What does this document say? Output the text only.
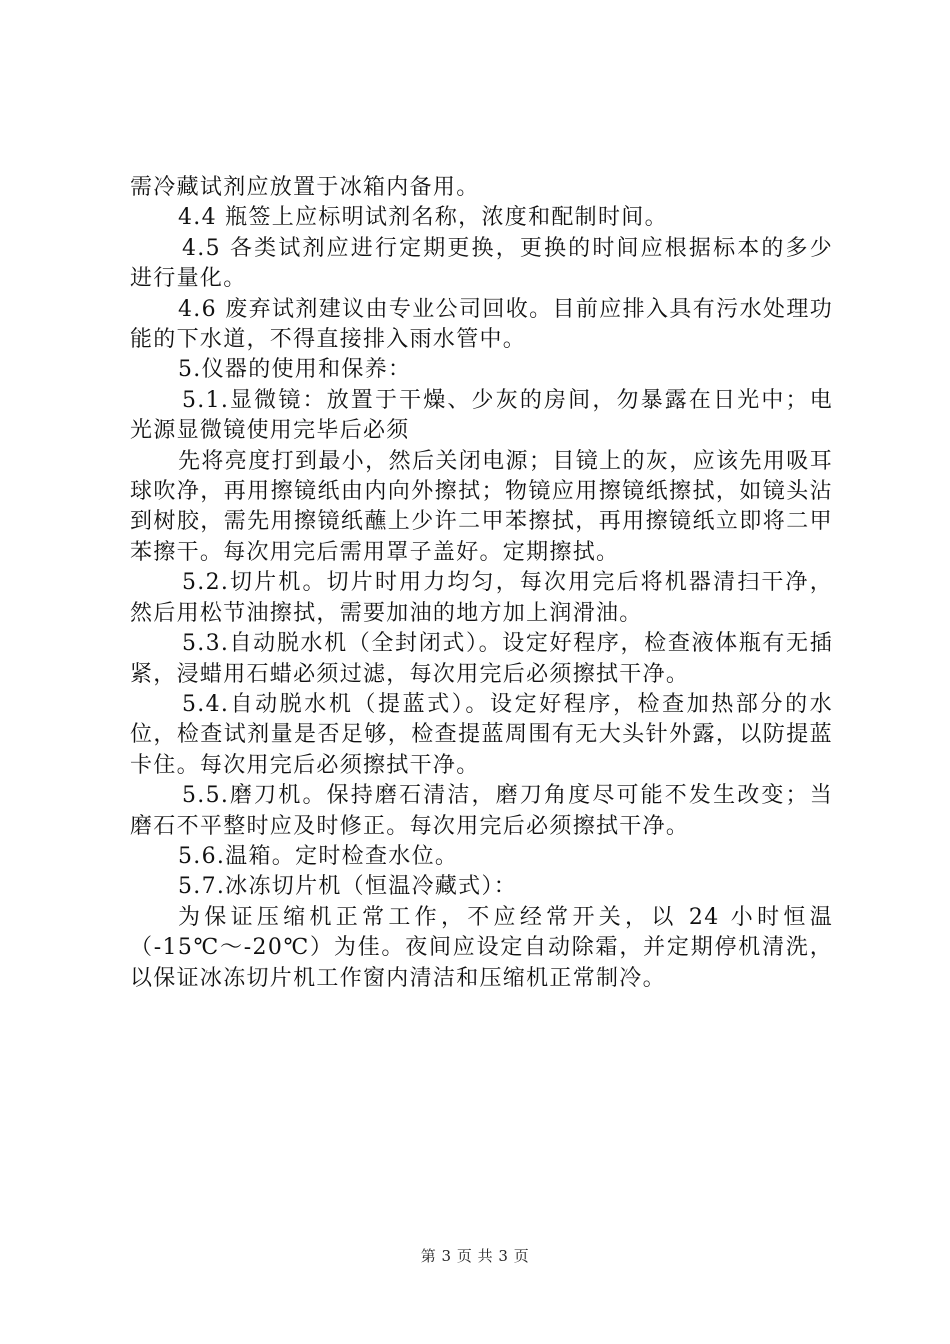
需冷藏试剂应放置于冰箱内备用。

4.4 瓶签上应标明试剂名称，浓度和配制时间。

4.5 各类试剂应进行定期更换，更换的时间应根据标本的多少进行量化。

4.6 废弃试剂建议由专业公司回收。目前应排入具有污水处理功能的下水道，不得直接排入雨水管中。

5.仪器的使用和保养：

5.1.显微镜：放置于干燥、少灰的房间，勿暴露在日光中；电光源显微镜使用完毕后必须

先将亮度打到最小，然后关闭电源；目镜上的灰，应该先用吸耳球吹净，再用擦镜纸由内向外擦拭；物镜应用擦镜纸擦拭，如镜头沾到树胶，需先用擦镜纸蘸上少许二甲苯擦拭，再用擦镜纸立即将二甲苯擦干。每次用完后需用罩子盖好。定期擦拭。

5.2.切片机。切片时用力均匀，每次用完后将机器清扫干净，然后用松节油擦拭，需要加油的地方加上润滑油。

5.3.自动脱水机（全封闭式）。设定好程序，检查液体瓶有无插紧，浸蜡用石蜡必须过滤，每次用完后必须擦拭干净。

5.4.自动脱水机（提蓝式）。设定好程序，检查加热部分的水位，检查试剂量是否足够，检查提蓝周围有无大头针外露，以防提蓝卡住。每次用完后必须擦拭干净。

5.5.磨刀机。保持磨石清洁，磨刀角度尽可能不发生改变；当磨石不平整时应及时修正。每次用完后必须擦拭干净。

5.6.温箱。定时检查水位。

5.7.冰冻切片机（恒温冷藏式）：

为保证压缩机正常工作，不应经常开关，以 24 小时恒温（-15℃～-20℃）为佳。夜间应设定自动除霜，并定期停机清洗，以保证冰冻切片机工作窗内清洁和压缩机正常制冷。

第 3 页 共 3 页
